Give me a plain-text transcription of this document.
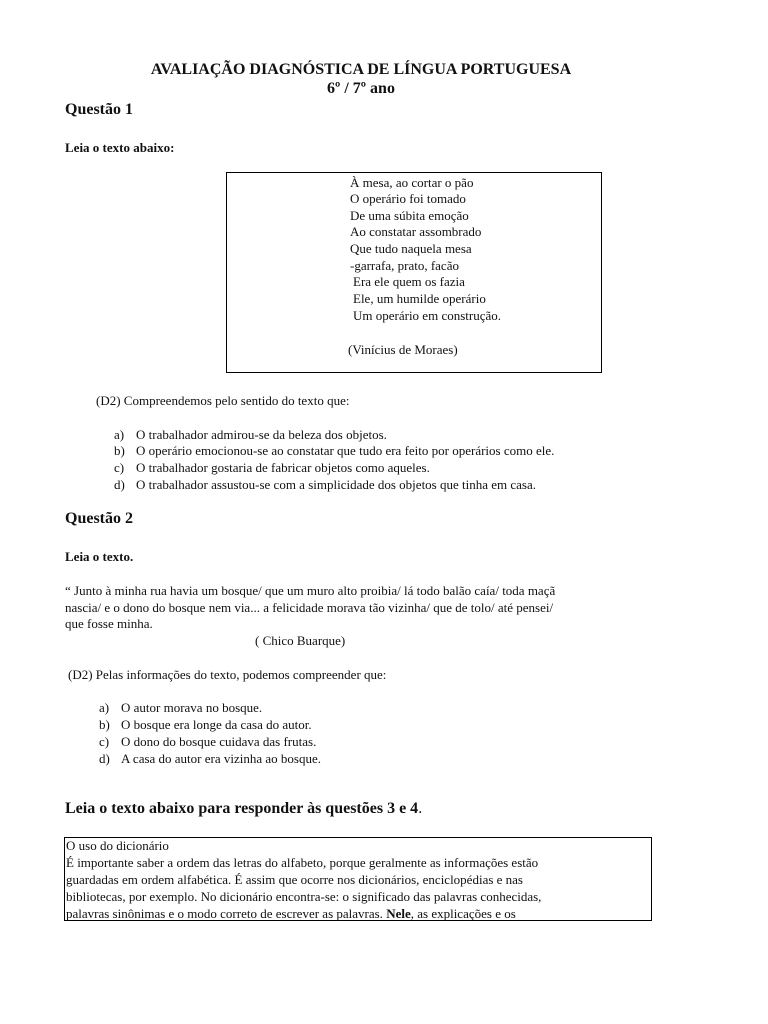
AVALIAÇÃO DIAGNÓSTICA DE LÍNGUA PORTUGUESA
6º / 7º ano
Questão 1
Leia o texto abaixo:
À mesa, ao cortar o pão
O operário foi tomado
De uma súbita emoção
Ao constatar assombrado
Que tudo naquela mesa
-garrafa, prato, facão
Era ele quem os fazia
Ele, um humilde operário
Um operário em construção.
(Vinícius de Moraes)
(D2) Compreendemos pelo sentido do texto que:
a) O trabalhador admirou-se da beleza dos objetos.
b) O operário emocionou-se ao constatar que tudo era feito por operários como ele.
c) O trabalhador gostaria de fabricar objetos como aqueles.
d) O trabalhador assustou-se com a simplicidade dos objetos que tinha em casa.
Questão 2
Leia o texto.
“ Junto à minha rua havia um bosque/ que um muro alto proibia/ lá todo balão caía/ toda maçã
nascia/ e o dono do bosque nem via... a felicidade morava tão vizinha/ que de tolo/ até pensei/
que fosse minha.
( Chico Buarque)
(D2) Pelas informações do texto, podemos compreender que:
a) O autor morava no bosque.
b) O bosque era longe da casa do autor.
c) O dono do bosque cuidava das frutas.
d) A casa do autor era vizinha ao bosque.
Leia o texto abaixo para responder às questões 3 e 4.
O uso do dicionário
É importante saber a ordem das letras do alfabeto, porque geralmente as informações estão
guardadas em ordem alfabética. É assim que ocorre nos dicionários, enciclopédias e nas
bibliotecas, por exemplo. No dicionário encontra-se: o significado das palavras conhecidas,
palavras sinônimas e o modo correto de escrever as palavras. Nele, as explicações e os
